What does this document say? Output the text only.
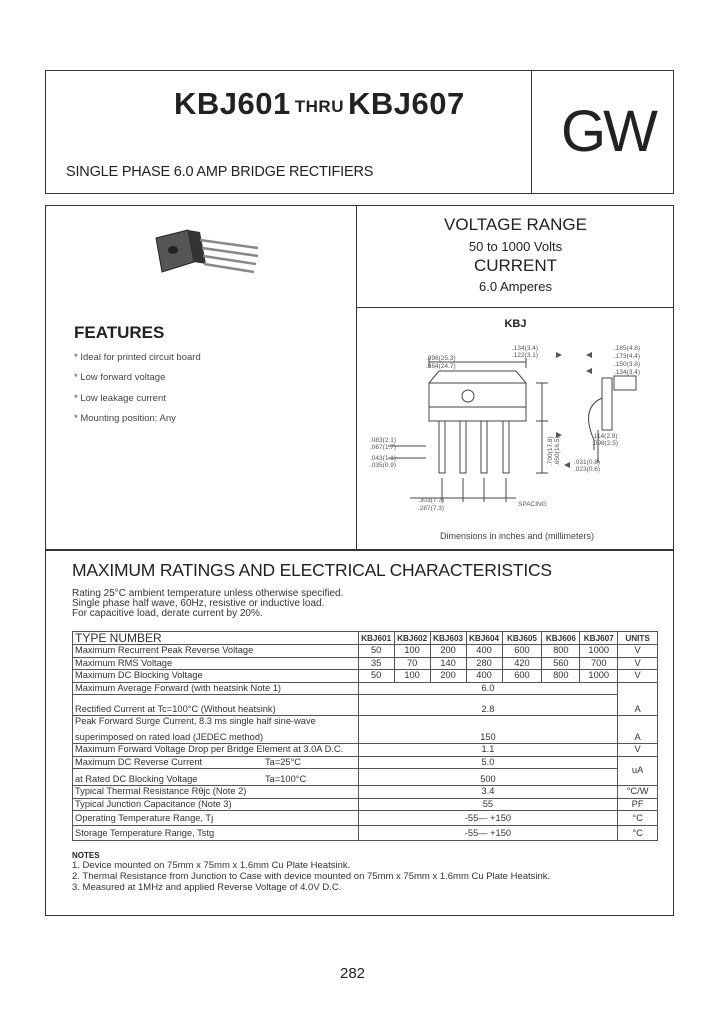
KBJ601 THRU KBJ607
SINGLE PHASE 6.0 AMP BRIDGE RECTIFIERS
GW
VOLTAGE RANGE
50 to 1000 Volts
CURRENT
6.0 Amperes
FEATURES
* Ideal for printed circuit board
* Low forward voltage
* Low leakage current
* Mounting position: Any
KBJ
.134(3.4)
.122(3.1)
.996(25.3)
.984(24.7)
.185(4.8)
.173(4.4)
.150(3.8)
.134(3.4)
.700(17.8) .650(16.5)
.083(2.1)
.067(1.7)
.043(1.1)
.035(0.9)
.114(2.9)
.098(2.5)
.031(0.8)
.023(0.6)
.303(7.7)
.287(7.3)
SPACING
Dimensions in inches and (millimeters)
MAXIMUM RATINGS AND ELECTRICAL CHARACTERISTICS
Rating 25°C ambient temperature unless otherwise specified.
Single phase half wave, 60Hz, resistive or inductive load.
For capacitive load, derate current by 20%.
TYPE NUMBER	KBJ601	KBJ602	KBJ603	KBJ604	KBJ605	KBJ606	KBJ607	UNITS
Maximum Recurrent Peak Reverse Voltage	50	100	200	400	600	800	1000	V
Maximum RMS Voltage	35	70	140	280	420	560	700	V
Maximum DC Blocking Voltage	50	100	200	400	600	800	1000	V
Maximum Average Forward (with heatsink Note 1)	6.0							A
Rectified Current at Tc=100°C (Without heatsink)	2.8							

Peak Forward Surge Current, 8.3 ms single half sine-wave
superimposed on rated load (JEDEC method)	150							A
Maximum Forward Voltage Drop per Bridge Element at 3.0A D.C.	1.1							V
Maximum DC Reverse Current Ta=25°C	5.0							uA
at Rated DC Blocking Voltage Ta=100°C	500							
Typical Thermal Resistance Rθjc (Note 2)	3.4							°C/W
Typical Junction Capacitance (Note 3)	55							PF
Operating Temperature Range, Tj	-55— +150							°C
Storage Temperature Range, Tstg	-55— +150							°C
NOTES
1. Device mounted on 75mm x 75mm x 1.6mm Cu Plate Heatsink.
2. Thermal Resistance from Junction to Case with device mounted on 75mm x 75mm x 1.6mm Cu Plate Heatsink.
3. Measured at 1MHz and applied Reverse Voltage of 4.0V D.C.
282
